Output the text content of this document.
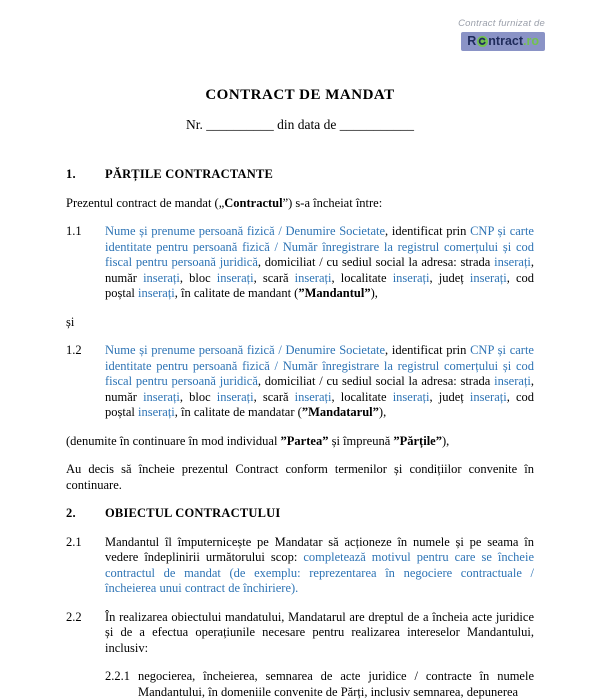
Contract furnizat de
R ntract .ro
CONTRACT DE MANDAT
Nr. __________ din data de ___________
1.	PĂRȚILE CONTRACTANTE
Prezentul contract de mandat („Contractul”) s-a încheiat între:
1.1	Nume și prenume persoană fizică / Denumire Societate, identificat prin CNP și carte identitate pentru persoană fizică / Număr înregistrare la registrul comerțului și cod fiscal pentru persoană juridică, domiciliat / cu sediul social la adresa: strada inserați, număr inserați, bloc inserați, scară inserați, localitate inserați, județ inserați, cod poștal inserați, în calitate de mandant (”Mandantul”),
și
1.2	Nume și prenume persoană fizică / Denumire Societate, identificat prin CNP și carte identitate pentru persoană fizică / Număr înregistrare la registrul comerțului și cod fiscal pentru persoană juridică, domiciliat / cu sediul social la adresa: strada inserați, număr inserați, bloc inserați, scară inserați, localitate inserați, județ inserați, cod poștal inserați, în calitate de mandatar (”Mandatarul”),
(denumite în continuare în mod individual ”Partea” și împreună ”Părțile”),
Au decis să încheie prezentul Contract conform termenilor și condițiilor convenite în continuare.
2.	OBIECTUL CONTRACTULUI
2.1	Mandantul îl împuternicește pe Mandatar să acționeze în numele și pe seama în vedere îndeplinirii următorului scop: completează motivul pentru care se încheie contractul de mandat (de exemplu: reprezentarea în negociere contractuale / încheierea unui contract de închiriere).
2.2	În realizarea obiectului mandatului, Mandatarul are dreptul de a încheia acte juridice și de a efectua operațiunile necesare pentru realizarea intereselor Mandantului, inclusiv:
2.2.1 negocierea, încheierea, semnarea de acte juridice / contracte în numele Mandantului, în domeniile convenite de Părți, inclusiv semnarea, depunerea
